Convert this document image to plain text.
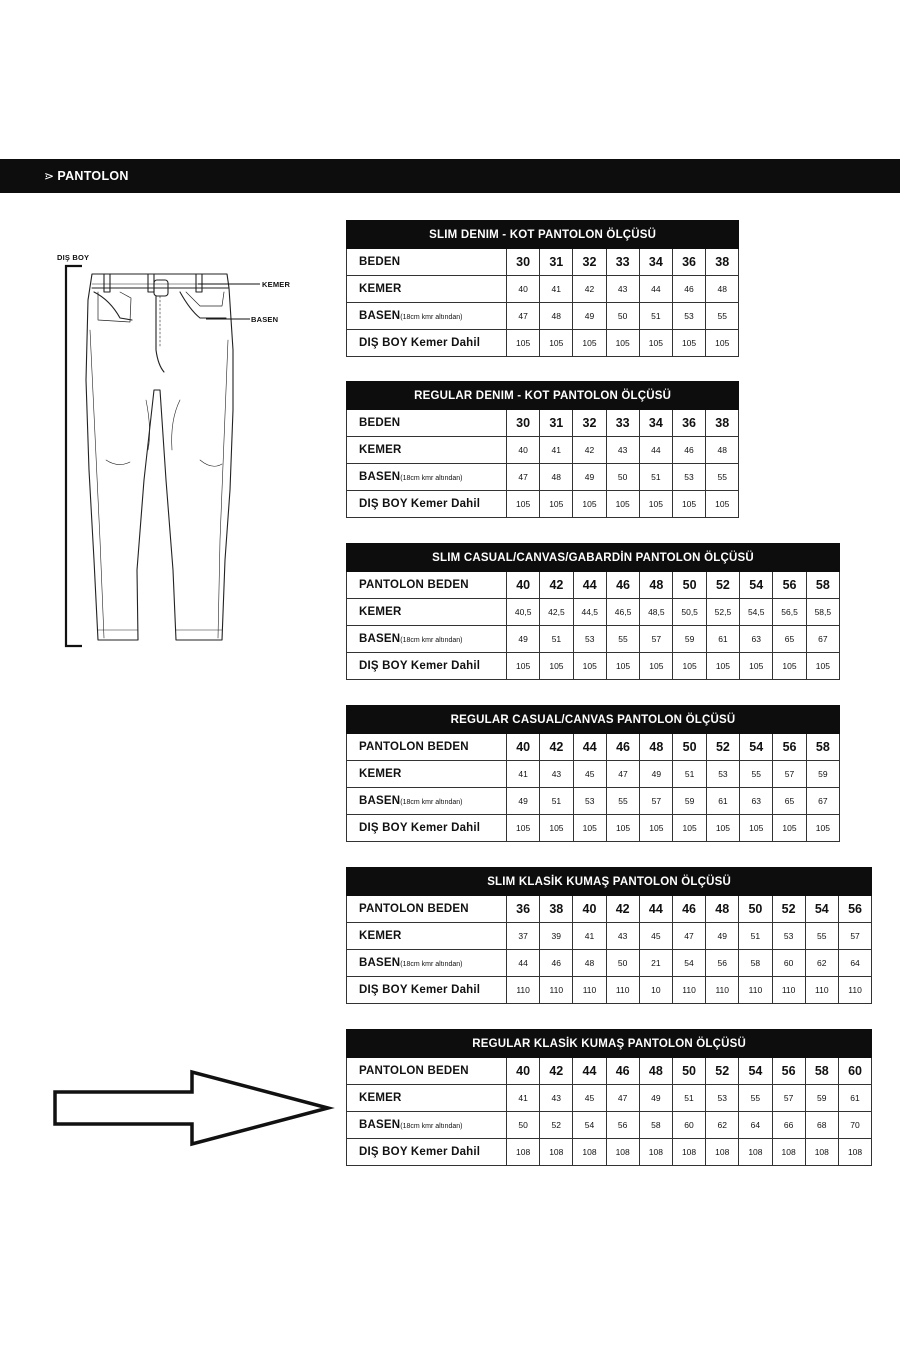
⋗ PANTOLON
DIŞ BOY
KEMER
BASEN
SLIM DENIM - KOT PANTOLON ÖLÇÜSÜ							
BEDEN	30	31	32	33	34	36	38
KEMER	40	41	42	43	44	46	48
BASEN(18cm kmr altından)	47	48	49	50	51	53	55
DIŞ BOY Kemer Dahil	105	105	105	105	105	105	105
REGULAR DENIM - KOT PANTOLON ÖLÇÜSÜ							
BEDEN	30	31	32	33	34	36	38
KEMER	40	41	42	43	44	46	48
BASEN(18cm kmr altından)	47	48	49	50	51	53	55
DIŞ BOY Kemer Dahil	105	105	105	105	105	105	105
SLIM CASUAL/CANVAS/GABARDİN PANTOLON ÖLÇÜSÜ										
PANTOLON BEDEN	40	42	44	46	48	50	52	54	56	58
KEMER	40,5	42,5	44,5	46,5	48,5	50,5	52,5	54,5	56,5	58,5
BASEN(18cm kmr altından)	49	51	53	55	57	59	61	63	65	67
DIŞ BOY Kemer Dahil	105	105	105	105	105	105	105	105	105	105
REGULAR CASUAL/CANVAS PANTOLON ÖLÇÜSÜ										
PANTOLON BEDEN	40	42	44	46	48	50	52	54	56	58
KEMER	41	43	45	47	49	51	53	55	57	59
BASEN(18cm kmr altından)	49	51	53	55	57	59	61	63	65	67
DIŞ BOY Kemer Dahil	105	105	105	105	105	105	105	105	105	105
SLIM KLASİK KUMAŞ PANTOLON ÖLÇÜSÜ											
PANTOLON BEDEN	36	38	40	42	44	46	48	50	52	54	56
KEMER	37	39	41	43	45	47	49	51	53	55	57
BASEN(18cm kmr altından)	44	46	48	50	21	54	56	58	60	62	64
DIŞ BOY Kemer Dahil	110	110	110	110	10	110	110	110	110	110	110
REGULAR KLASİK KUMAŞ PANTOLON ÖLÇÜSÜ											
PANTOLON BEDEN	40	42	44	46	48	50	52	54	56	58	60
KEMER	41	43	45	47	49	51	53	55	57	59	61
BASEN(18cm kmr altından)	50	52	54	56	58	60	62	64	66	68	70
DIŞ BOY Kemer Dahil	108	108	108	108	108	108	108	108	108	108	108
